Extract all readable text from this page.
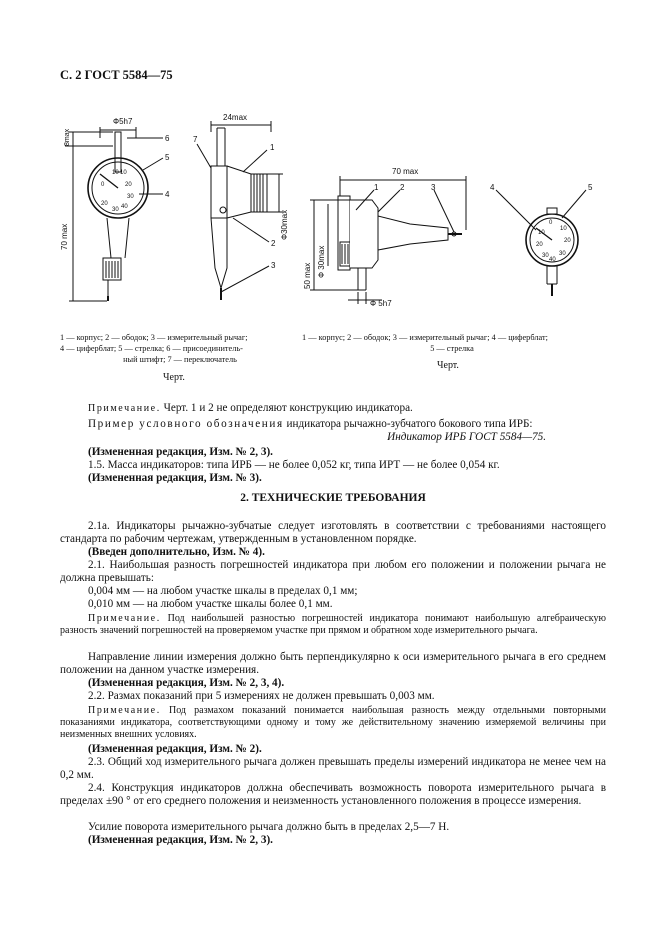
С. 2 ГОСТ 5584—75
Ф5h7
8max
70 max
24max
Ф30max
6
5
4
7
1
2
3
10
0
10
20
20
30
30 40
1 — корпус; 2 — ободок; 3 — измерительный рычаг;
4 — циферблат; 5 — стрелка; 6 — присоединитель-
ный штифт; 7 — переключатель
Черт.
70 max
50 max Ф 30max
Ф 5h7
1	2	3	4	5
0
10
20
30
40
10
20
30
1 — корпус; 2 — ободок; 3 — измерительный рычаг; 4 — циферблат;
5 — стрелка
Черт.
Примечание. Черт. 1 и 2 не определяют конструкцию индикатора.
Пример условного обозначения индикатора рычажно-зубчатого бокового типа ИРБ:
Индикатор ИРБ ГОСТ 5584—75.
(Измененная редакция, Изм. № 2, 3).
1.5. Масса индикаторов: типа ИРБ — не более 0,052 кг, типа ИРТ — не более 0,054 кг.
(Измененная редакция, Изм. № 3).
2. ТЕХНИЧЕСКИЕ ТРЕБОВАНИЯ
2.1а. Индикаторы рычажно-зубчатые следует изготовлять в соответствии с требованиями настоящего стандарта по рабочим чертежам, утвержденным в установленном порядке.
(Введен дополнительно, Изм. № 4).
2.1. Наибольшая разность погрешностей индикатора при любом его положении и положении рычага не должна превышать:
0,004 мм — на любом участке шкалы в пределах 0,1 мм;
0,010 мм — на любом участке шкалы более 0,1 мм.
Примечание. Под наибольшей разностью погрешностей индикатора понимают наибольшую алгебраическую разность значений погрешностей на проверяемом участке при прямом и обратном ходе измерительного рычага.
Направление линии измерения должно быть перпендикулярно к оси измерительного рычага в его среднем положении на данном участке измерения.
(Измененная редакция, Изм. № 2, 3, 4).
2.2. Размах показаний при 5 измерениях не должен превышать 0,003 мм.
Примечание. Под размахом показаний понимается наибольшая разность между отдельными повторными показаниями индикатора, соответствующими одному и тому же действительному значению измеряемой величины при неизменных внешних условиях.
(Измененная редакция, Изм. № 2).
2.3. Общий ход измерительного рычага должен превышать пределы измерений индикатора не менее чем на 0,2 мм.
2.4. Конструкция индикаторов должна обеспечивать возможность поворота измерительного рычага в пределах ±90 ° от его среднего положения и неизменность установленного положения в процессе измерения.
Усилие поворота измерительного рычага должно быть в пределах 2,5—7 Н.
(Измененная редакция, Изм. № 2, 3).
